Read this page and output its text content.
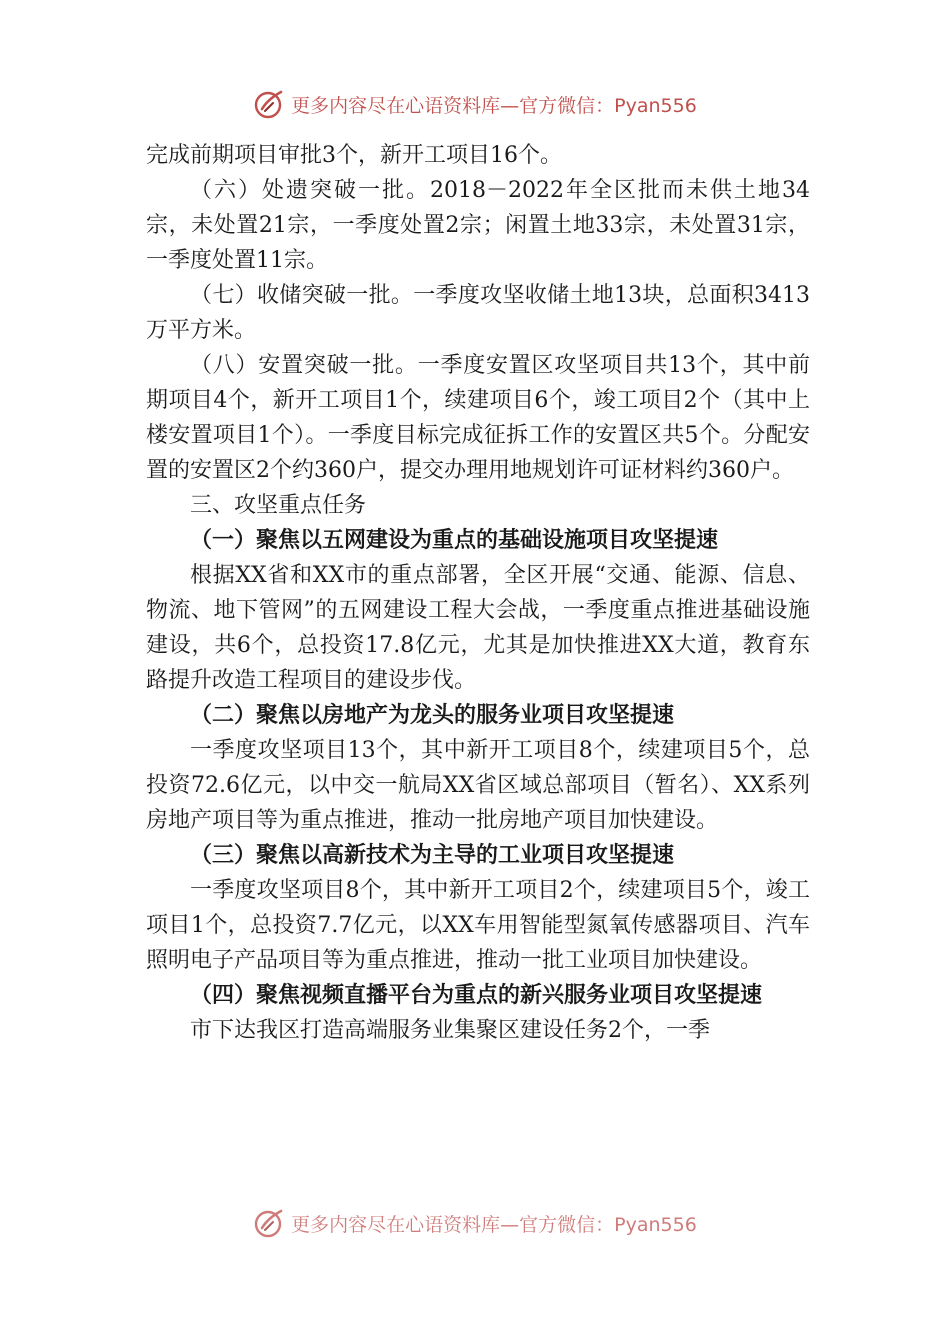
更多内容尽在心语资料库—官方微信：Pyan556

完成前期项目审批3个，新开工项目16个。

（六）处遗突破一批。2018－2022年全区批而未供土地34宗，未处置21宗，一季度处置2宗；闲置土地33宗，未处置31宗，一季度处置11宗。

（七）收储突破一批。一季度攻坚收储土地13块，总面积3413万平方米。

（八）安置突破一批。一季度安置区攻坚项目共13个，其中前期项目4个，新开工项目1个，续建项目6个，竣工项目2个（其中上楼安置项目1个）。一季度目标完成征拆工作的安置区共5个。分配安置的安置区2个约360户，提交办理用地规划许可证材料约360户。

三、攻坚重点任务

（一）聚焦以五网建设为重点的基础设施项目攻坚提速

根据XX省和XX市的重点部署，全区开展“交通、能源、信息、物流、地下管网”的五网建设工程大会战，一季度重点推进基础设施建设，共6个，总投资17.8亿元，尤其是加快推进XX大道，教育东路提升改造工程项目的建设步伐。

（二）聚焦以房地产为龙头的服务业项目攻坚提速

一季度攻坚项目13个，其中新开工项目8个，续建项目5个，总投资72.6亿元，以中交一航局XX省区域总部项目（暂名）、XX系列房地产项目等为重点推进，推动一批房地产项目加快建设。

（三）聚焦以高新技术为主导的工业项目攻坚提速

一季度攻坚项目8个，其中新开工项目2个，续建项目5个，竣工项目1个，总投资7.7亿元，以XX车用智能型氮氧传感器项目、汽车照明电子产品项目等为重点推进，推动一批工业项目加快建设。

（四）聚焦视频直播平台为重点的新兴服务业项目攻坚提速

市下达我区打造高端服务业集聚区建设任务2个，一季

更多内容尽在心语资料库—官方微信：Pyan556
